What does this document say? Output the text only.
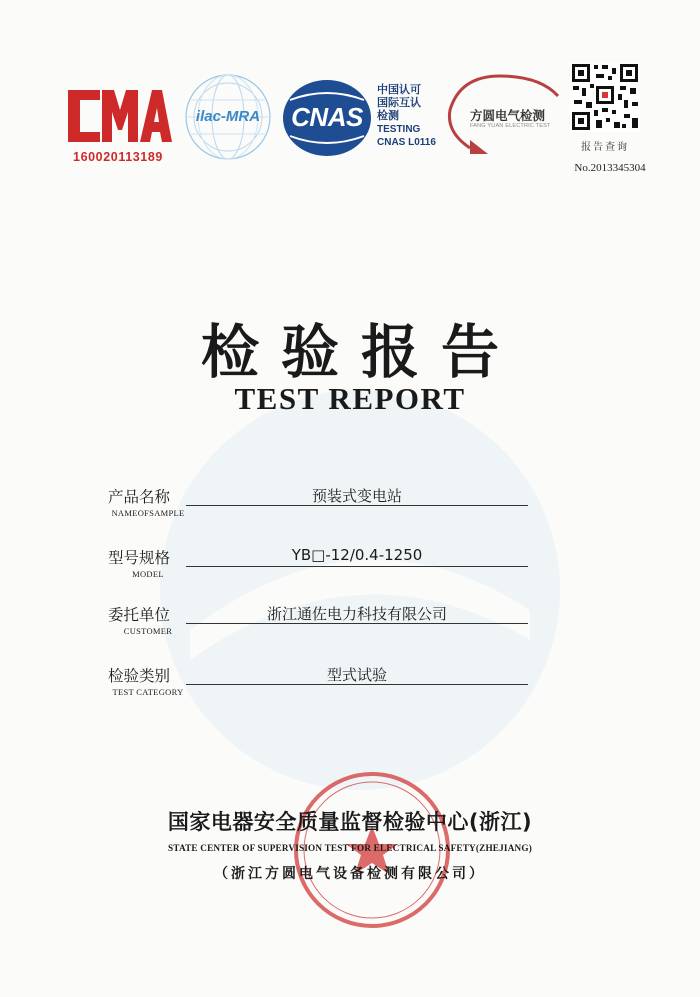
160020113189
ilac-MRA	CNAS
中国认可
国际互认
检测
TESTING
CNAS L0116
方圆电气检测
FANG YUAN ELECTRIC TEST
报告查询
No.2013345304
检验报告
TEST REPORT
产品名称
NAMEOFSAMPLE
预装式变电站
型号规格
MODEL
YB□-12/0.4-1250
委托单位
CUSTOMER
浙江通佐电力科技有限公司
检验类别
TEST CATEGORY
型式试验
国家电器安全质量监督检验中心(浙江)
STATE CENTER OF SUPERVISION TEST FOR ELECTRICAL SAFETY(ZHEJIANG)
（浙江方圆电气设备检测有限公司）
